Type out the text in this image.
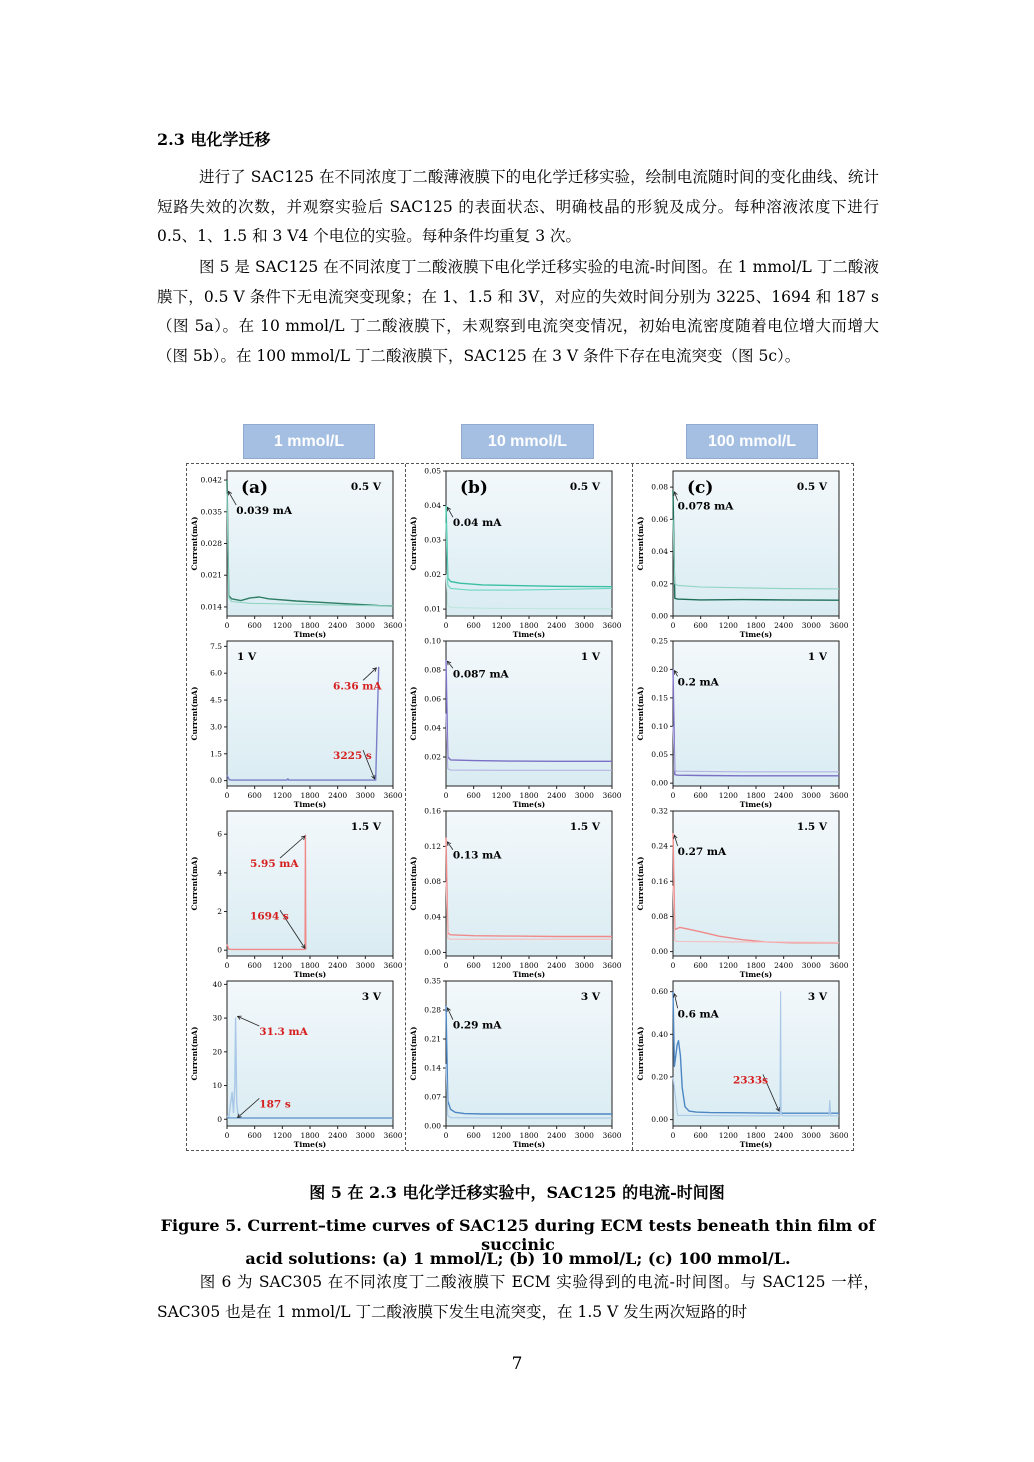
2.3 电化学迁移
进行了 SAC125 在不同浓度丁二酸薄液膜下的电化学迁移实验，绘制电流随时间的变化曲线、统计短路失效的次数，并观察实验后 SAC125 的表面状态、明确枝晶的形貌及成分。每种溶液浓度下进行 0.5、1、1.5 和 3 V4 个电位的实验。每种条件均重复 3 次。
图 5 是 SAC125 在不同浓度丁二酸液膜下电化学迁移实验的电流-时间图。在 1 mmol/L 丁二酸液膜下，0.5 V 条件下无电流突变现象；在 1、1.5 和 3V，对应的失效时间分别为 3225、1694 和 187 s（图 5a）。在 10 mmol/L 丁二酸液膜下，未观察到电流突变情况，初始电流密度随着电位增大而增大（图 5b）。在 100 mmol/L 丁二酸液膜下，SAC125 在 3 V 条件下存在电流突变（图 5c）。
1 mmol/L	10 mmol/L	100 mmol/L
0 600 1200 1800 2400 3000 3600
0.014
0.021
0.028
0.035
0.042
Time(s)
Current(mA)
(a)	0.5 V
0.039 mA
0 600 1200 1800 2400 3000 3600
0.01
0.02
0.03
0.04
0.05
Time(s)
Current(mA)
(b)	0.5 V
0.04 mA
0 600 1200 1800 2400 3000 3600
0.00
0.02
0.04
0.06
0.08
Time(s)
Current(mA)
(c)	0.5 V
0.078 mA
0 600 1200 1800 2400 3000 3600
0.0
1.5
3.0
4.5
6.0
7.5
Time(s)
Current(mA)
1 V
6.36 mA
3225 s
0 600 1200 1800 2400 3000 3600
0.02
0.04
0.06
0.08
0.10
Time(s)
Current(mA)
1 V
0.087 mA
0 600 1200 1800 2400 3000 3600
0.00
0.05
0.10
0.15
0.20
0.25
Time(s)
Current(mA)
1 V
0.2 mA
0 600 1200 1800 2400 3000 3600
0
2
4
6
Time(s)
Current(mA)
1.5 V
5.95 mA
1694 s
0 600 1200 1800 2400 3000 3600
0.00
0.04
0.08
0.12
0.16
Time(s)
Current(mA)
1.5 V
0.13 mA
0 600 1200 1800 2400 3000 3600
0.00
0.08
0.16
0.24
0.32
Time(s)
Current(mA)
1.5 V
0.27 mA
0 600 1200 1800 2400 3000 3600
0
10
20
30
40
Time(s)
Current(mA)
3 V
31.3 mA
187 s
0 600 1200 1800 2400 3000 3600
0.00
0.07
0.14
0.21
0.28
0.35
Time(s)
Current(mA)
3 V
0.29 mA
0 600 1200 1800 2400 3000 3600
0.00
0.20
0.40
0.60
Time(s)
Current(mA)
3 V
0.6 mA
2333s
图 5 在 2.3 电化学迁移实验中，SAC125 的电流-时间图
Figure 5. Current–time curves of SAC125 during ECM tests beneath thin film of succinic
acid solutions: (a) 1 mmol/L; (b) 10 mmol/L; (c) 100 mmol/L.
图 6 为 SAC305 在不同浓度丁二酸液膜下 ECM 实验得到的电流-时间图。与 SAC125 一样，SAC305 也是在 1 mmol/L 丁二酸液膜下发生电流突变，在 1.5 V 发生两次短路的时
7
